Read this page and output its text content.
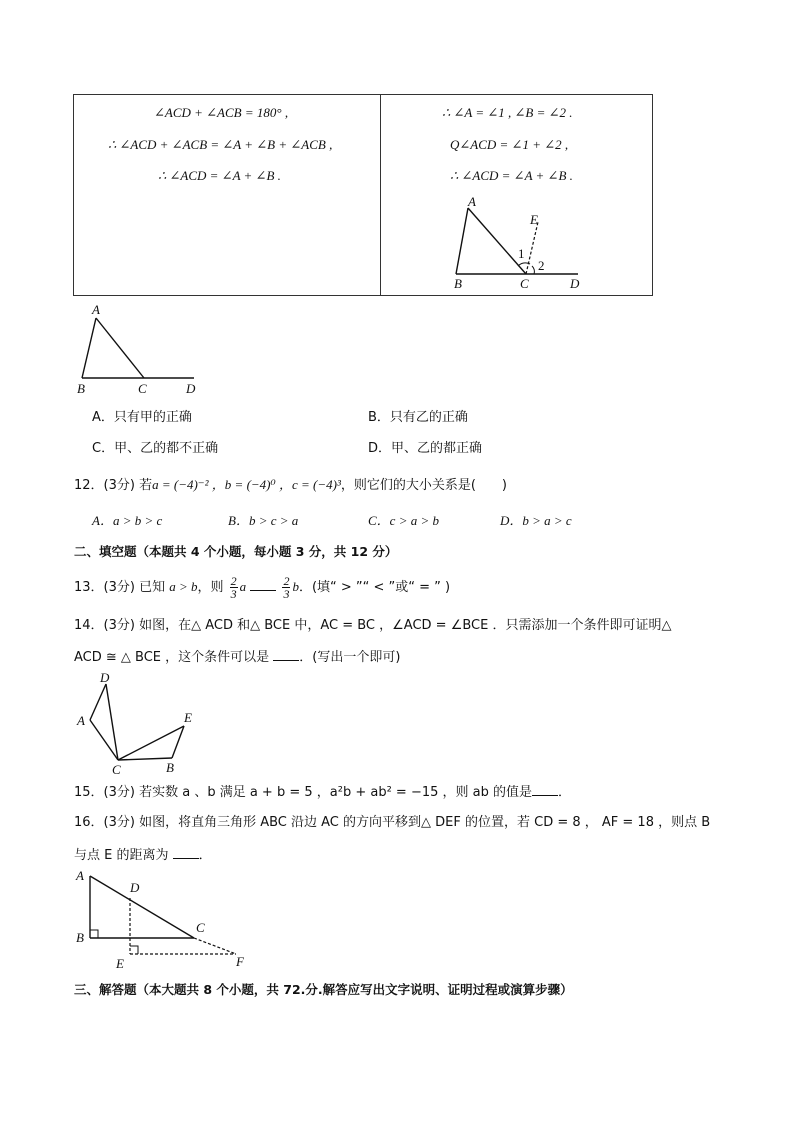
∠ACD + ∠ACB = 180° ,
∴ ∠ACD + ∠ACB = ∠A + ∠B + ∠ACB ,
∴ ∠ACD = ∠A + ∠B .
∴ ∠A = ∠1 , ∠B = ∠2 .
Q∠ACD = ∠1 + ∠2 ,
∴ ∠ACD = ∠A + ∠B .
A
B	C	D
E
1
2
A
B	C	D
A．只有甲的正确	B．只有乙的正确
C．甲、乙的都不正确	D．甲、乙的都正确
12．(3分) 若a = (−4)⁻² ，b = (−4)⁰ ，c = (−4)³，则它们的大小关系是(　　)
A．a > b > c	B．b > c > a	C．c > a > b	D．b > a > c
二、填空题（本题共 4 个小题，每小题 3 分，共 12 分）
13．(3分) 已知 a > b，则 $\frac{2}{3}$ a	$\frac{2}{3}$ b．(填“ > ”“ < ”或“ = ” )
14．(3分) 如图，在△ ACD 和△ BCE 中，AC = BC ，∠ACD = ∠BCE ．只需添加一个条件即可证明△
ACD ≅ △ BCE ，这个条件可以是 ．(写出一个即可)
D
A	E
C	B
15．(3分) 若实数 a 、b 满足 a + b = 5 ，a²b + ab² = −15 ，则 ab 的值是 ．
16．(3分) 如图，将直角三角形 ABC 沿边 AC 的方向平移到△ DEF 的位置，若 CD = 8 ， AF = 18 ，则点 B
与点 E 的距离为 ．
A
B
D
C
E	F
三、解答题（本大题共 8 个小题，共 72.分.解答应写出文字说明、证明过程或演算步骤）
